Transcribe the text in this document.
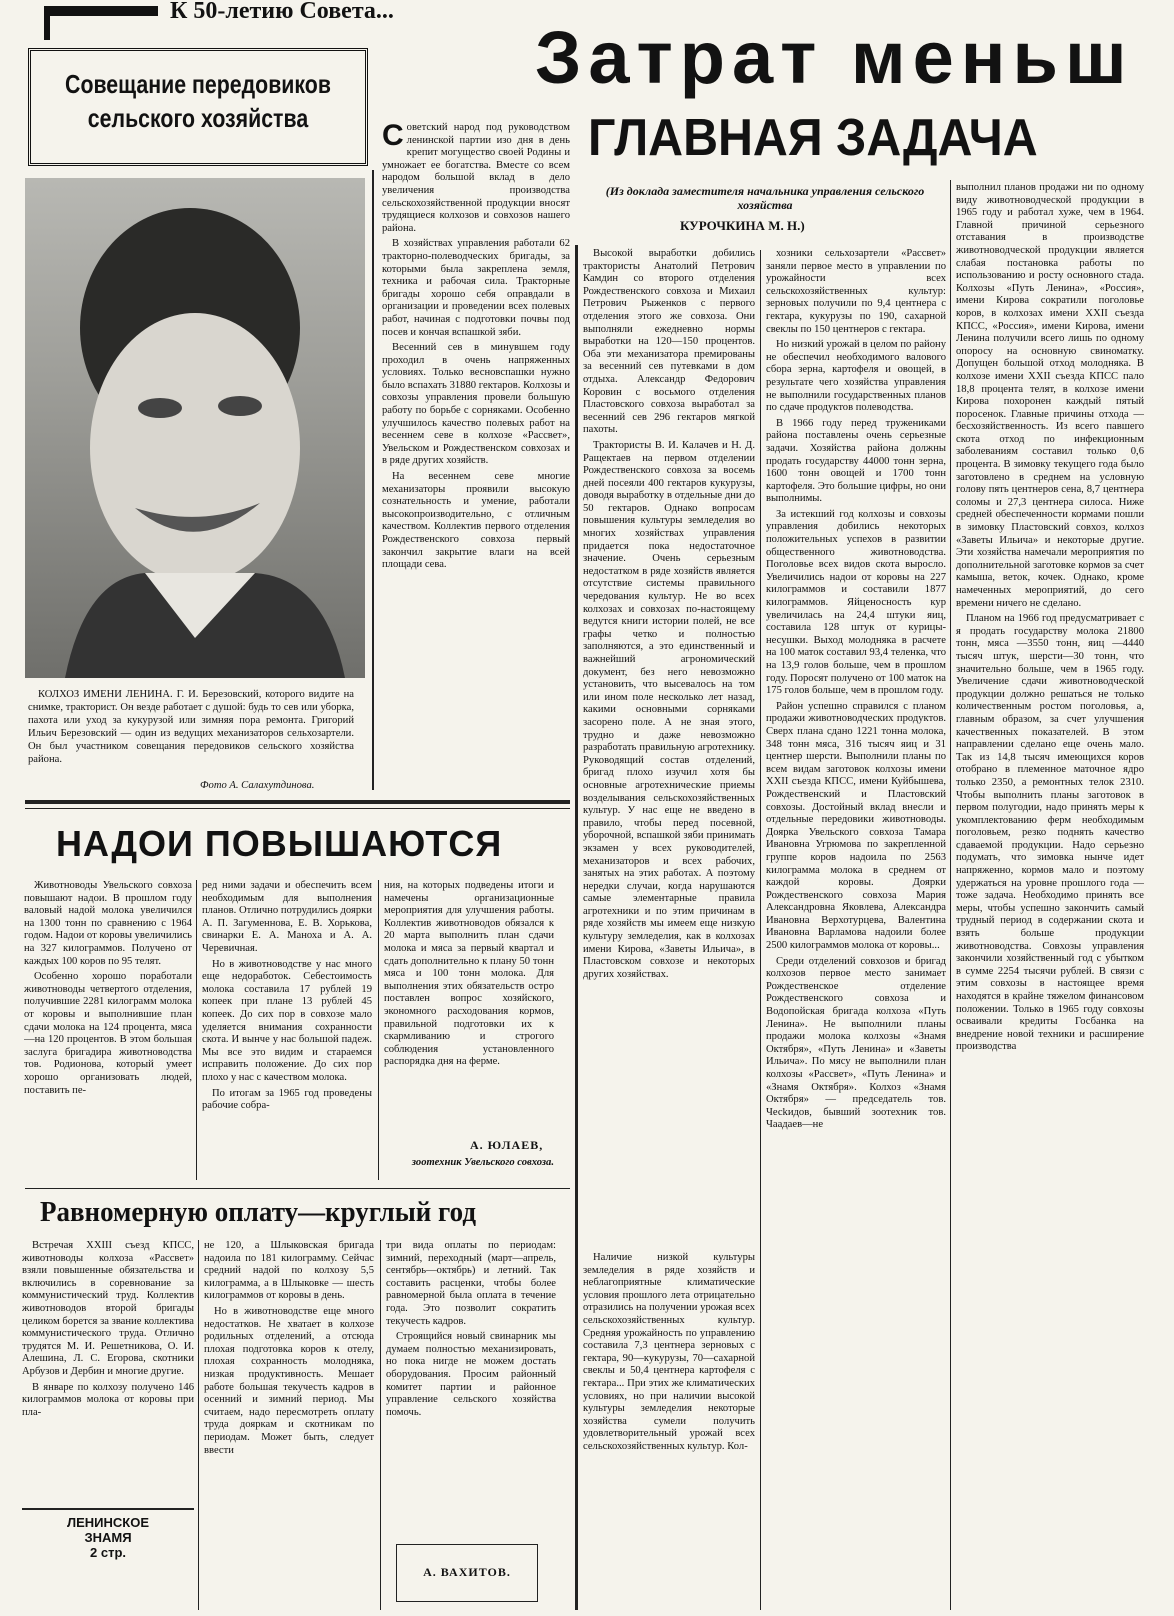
К 50-летию Совета...
Совещание передовиков
сельского хозяйства
КОЛХОЗ ИМЕНИ ЛЕНИНА. Г. И. Березовский, которого видите на снимке, тракторист. Он везде работает с душой: будь то сев или уборка, пахота или уход за кукурузой или зимняя пора ремонта. Григорий Ильич Березовский — один из ведущих механизаторов сельхозартели. Он был участником совещания передовиков сельского хозяйства района.
Фото А. Салахутдинова.
Затрат меньш
ГЛАВНАЯ ЗАДАЧА
(Из доклада заместителя начальника управления сельского хозяйства
КУРОЧКИНА М. Н.)

Советский народ под руководством ленинской партии изо дня в день крепит могущество своей Родины и умножает ее богатства. Вместе со всем народом большой вклад в дело увеличения производства сельскохозяйственной продукции вносят трудящиеся колхозов и совхозов нашего района.

В хозяйствах управления работали 62 тракторно-полеводческих бригады, за которыми была закреплена земля, техника и рабочая сила. Тракторные бригады хорошо себя оправдали в организации и проведении всех полевых работ, начиная с подготовки почвы под посев и кончая вспашкой зяби.

Весенний сев в минувшем году проходил в очень напряженных условиях. Только весновспашки нужно было вспахать 31880 гектаров. Колхозы и совхозы управления провели большую работу по борьбе с сорняками. Особенно улучшилось качество полевых работ на весеннем севе в колхозе «Рассвет», Увельском и Рождественском совхозах и в ряде других хозяйств.

На весеннем севе многие механизаторы проявили высокую сознательность и умение, работали высокопроизводительно, с отличным качеством. Коллектив первого отделения Рождественского совхоза первый закончил закрытие влаги на всей площади сева.

Высокой выработки добились трактористы Анатолий Петрович Камдин со второго отделения Рождественского совхоза и Михаил Петрович Рыженков с первого отделения этого же совхоза. Они выполняли ежедневно нормы выработки на 120—150 процентов. Оба эти механизатора премированы за весенний сев путевками в дом отдыха. Александр Федорович Коровин с восьмого отделения Пластовского совхоза выработал за весенний сев 296 гектаров мягкой пахоты.

Трактористы В. И. Калачев и Н. Д. Ращектаев на первом отделении Рождественского совхоза за восемь дней посеяли 400 гектаров кукурузы, доводя выработку в отдельные дни до 50 гектаров. Однако вопросам повышения культуры земледелия во многих хозяйствах управления придается пока недостаточное значение. Очень серьезным недостатком в ряде хозяйств является отсутствие системы правильного чередования культур. Не во всех колхозах и совхозах по-настоящему ведутся книги истории полей, не все графы четко и полностью заполняются, а это единственный и важнейший агрономический документ, без него невозможно установить, что высевалось на том или ином поле несколько лет назад, какими основными сорняками засорено поле. А не зная этого, трудно и даже невозможно разработать правильную агротехнику. Руководящий состав отделений, бригад плохо изучил хотя бы основные агротехнические приемы возделывания сельскохозяйственных культур. У нас еще не введено в правило, чтобы перед посевной, уборочной, вспашкой зяби принимать экзамен у всех руководителей, механизаторов и всех рабочих, занятых на этих работах. А поэтому нередки случаи, когда нарушаются самые элементарные правила агротехники и по этим причинам в ряде хозяйств мы имеем еще низкую культуру земледелия, как в колхозах имени Кирова, «Заветы Ильича», в Пластовском совхозе и некоторых других хозяйствах.

Наличие низкой культуры земледелия в ряде хозяйств и неблагоприятные климатические условия прошлого лета отрицательно отразились на получении урожая всех сельскохозяйственных культур. Средняя урожайность по управлению составила 7,3 центнера зерновых с гектара, 90—кукурузы, 70—сахарной свеклы и 50,4 центнера картофеля с гектара... При этих же климатических условиях, но при наличии высокой культуры земледелия некоторые хозяйства сумели получить удовлетворительный урожай всех сельскохозяйственных культур. Кол-

хозники сельхозартели «Рассвет» заняли первое место в управлении по урожайности всех сельскохозяйственных культур: зерновых получили по 9,4 центнера с гектара, кукурузы по 190, сахарной свеклы по 150 центнеров с гектара.

Но низкий урожай в целом по району не обеспечил необходимого валового сбора зерна, картофеля и овощей, в результате чего хозяйства управления не выполнили государственных планов по сдаче продуктов полеводства.

В 1966 году перед тружениками района поставлены очень серьезные задачи. Хозяйства района должны продать государству 44000 тонн зерна, 1600 тонн овощей и 1700 тонн картофеля. Это большие цифры, но они выполнимы.

За истекший год колхозы и совхозы управления добились некоторых положительных успехов в развитии общественного животноводства. Поголовье всех видов скота выросло. Увеличились надои от коровы на 227 килограммов и составили 1877 килограммов. Яйценосность кур увеличилась на 24,4 штуки яиц, составила 128 штук от курицы-несушки. Выход молодняка в расчете на 100 маток составил 93,4 теленка, что на 13,9 голов больше, чем в прошлом году. Поросят получено от 100 маток на 175 голов больше, чем в прошлом году.

Район успешно справился с планом продажи животноводческих продуктов. Сверх плана сдано 1221 тонна молока, 348 тонн мяса, 316 тысяч яиц и 31 центнер шерсти. Выполнили планы по всем видам заготовок колхозы имени XXII съезда КПСС, имени Куйбышева, Рождественский и Пластовский совхозы. Достойный вклад внесли и отдельные передовики животноводы. Доярка Увельского совхоза Тамара Ивановна Угрюмова по закрепленной группе коров надоила по 2563 килограмма молока в среднем от каждой коровы. Доярки Рождественского совхоза Мария Александровна Яковлева, Александра Ивановна Верхотурцева, Валентина Ивановна Варламова надоили более 2500 килограммов молока от коровы...

Среди отделений совхозов и бригад колхозов первое место занимает Рождественское отделение Рождественского совхоза и Водопойская бригада колхоза «Путь Ленина». Не выполнили планы продажи молока колхозы «Знамя Октября», «Путь Ленина» и «Заветы Ильича». По мясу не выполнили план колхозы «Рассвет», «Путь Ленина» и «Знамя Октября». Колхоз «Знамя Октября» — председатель тов. Чесkидов, бывший зоотехник тов. Чаадаев—не

выполнил планов продажи ни по одному виду животноводческой продукции в 1965 году и работал хуже, чем в 1964. Главной причиной серьезного отставания в производстве животноводческой продукции является слабая постановка работы по использованию и росту основного стада. Колхозы «Путь Ленина», «Россия», имени Кирова сократили поголовье коров, в колхозах имени XXII съезда КПСС, «Россия», имени Кирова, имени Ленина получили всего лишь по одному опоросу на основную свиноматку. Допущен большой отход молодняка. В колхозе имени XXII съезда КПСС пало 18,8 процента телят, в колхозе имени Кирова похоронен каждый пятый поросенок. Главные причины отхода — бесхозяйственность. Из всего павшего скота отход по инфекционным заболеваниям составил только 0,6 процента. В зимовку текущего года было заготовлено в среднем на условную голову пять центнеров сена, 8,7 центнера соломы и 27,3 центнера силоса. Ниже средней обеспеченности кормами пошли в зимовку Пластовский совхоз, колхоз «Заветы Ильича» и некоторые другие. Эти хозяйства намечали мероприятия по дополнительной заготовке кормов за счет камыша, веток, кочек. Однако, кроме намеченных мероприятий, до сего времени ничего не сделано.

Планом на 1966 год предусматривает с я продать государству молока 21800 тонн, мяса —3550 тонн, яиц —4440 тысяч штук, шерсти—30 тонн, что значительно больше, чем в 1965 году. Увеличение сдачи животноводческой продукции должно решаться не только количественным ростом поголовья, а, главным образом, за счет улучшения качественных показателей. В этом направлении сделано еще очень мало. Так из 14,8 тысяч имеющихся коров отобрано в племенное маточное ядро только 2350, а ремонтных телок 2310. Чтобы выполнить планы заготовок в первом полугодии, надо принять меры к укомплектованию ферм необходимым поголовьем, резко поднять качество сдаваемой продукции. Надо серьезно подумать, что зимовка нынче идет напряженно, кормов мало и поэтому удержаться на уровне прошлого года — тоже задача. Необходимо принять все меры, чтобы успешно закончить самый трудный период в содержании скота и взять больше продукции животноводства. Совхозы управления закончили хозяйственный год с убытком в сумме 2254 тысячи рублей. В связи с этим совхозы в настоящее время находятся в крайне тяжелом финансовом положении. Только в 1965 году совхозы осваивали кредиты Госбанка на внедрение новой техники и расширение производства

НАДОИ ПОВЫШАЮТСЯ

Животноводы Увельского совхоза повышают надои. В прошлом году валовый надой молока увеличился на 1300 тонн по сравнению с 1964 годом. Надои от коровы увеличились на 327 килограммов. Получено от каждых 100 коров по 95 телят.

Особенно хорошо поработали животноводы четвертого отделения, получившие 2281 килограмм молока от коровы и выполнившие план сдачи молока на 124 процента, мяса—на 120 процентов. В этом большая заслуга бригадира животноводства тов. Родионова, который умеет хорошо организовать людей, поставить пе-

ред ними задачи и обеспечить всем необходимым для выполнения планов. Отлично потрудились доярки А. П. Загуменнова, Е. В. Хорькова, свинарки Е. А. Манохa и А. А. Черевичная.

Но в животноводстве у нас много еще недоработок. Себестоимость молока составила 17 рублей 19 копеек при плане 13 рублей 45 копеек. До сих пор в совхозе мало уделяется внимания сохранности скота. И вынче у нас большой падеж. Мы все это видим и стараемся исправить положение. До сих пор плохо у нас с качеством молока.

По итогам за 1965 год проведены рабочие собра-

ния, на которых подведены итоги и намечены организационные мероприятия для улучшения работы. Коллектив животноводов обязался к 20 марта выполнить план сдачи молока и мяса за первый квартал и сдать дополнительно к плану 50 тонн мяса и 100 тонн молока. Для выполнения этих обязательств остро поставлен вопрос хозяйского, экономного расходования кормов, правильной подготовки их к скармливанию и строгого соблюдения установленного распорядка дня на ферме.

А. ЮЛАЕВ,
зоотехник Увельского совхоза.
Равномерную оплату—круглый год

Встречая XXIII съезд КПСС, животноводы колхоза «Рассвет» взяли повышенные обязательства и включились в соревнование за коммунистический труд. Коллектив животноводов второй бригады целиком борется за звание коллектива коммунистического труда. Отлично трудятся М. И. Решетникова, О. И. Алешина, Л. С. Егорова, скотники Арбузов и Дербин и многие другие.

В январе по колхозу получено 146 килограммов молока от коровы при пла-

не 120, а Шлыковская бригада надоила по 181 килограмму. Сейчас средний надой по колхозу 5,5 килограмма, а в Шлыковке — шесть килограммов от коровы в день.

Но в животноводстве еще много недостатков. Не хватает в колхозе родильных отделений, а отсюда плохая подготовка коров к отелу, плохая сохранность молодняка, низкая продуктивность. Мешает работе большая текучесть кадров в осенний и зимний период. Мы считаем, надо пересмотреть оплату труда дояркам и скотникам по периодам. Может быть, следует ввести

три вида оплаты по периодам: зимний, переходный (март—апрель, сентябрь—октябрь) и летний. Так составить расценки, чтобы более равномерной была оплата в течение года. Это позволит сократить текучесть кадров.

Строящийся новый свинарник мы думаем полностью механизировать, но пока нигде не можем достать оборудования. Просим районный комитет партии и районное управление сельского хозяйства помочь.

А. ВАХИТОВ.
ЛЕНИНСКОЕ
ЗНАМЯ
2 стр.
